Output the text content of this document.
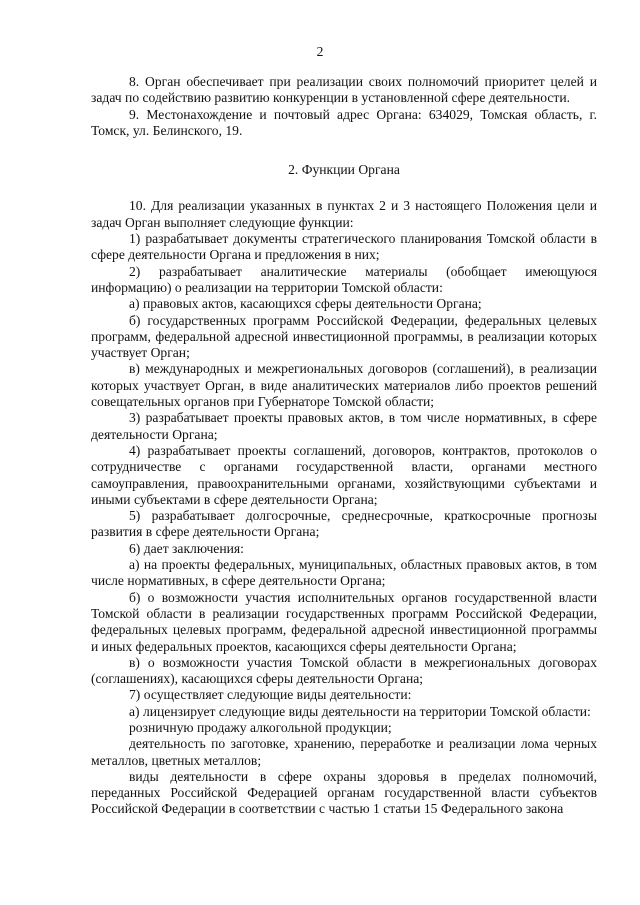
2

8. Орган обеспечивает при реализации своих полномочий приоритет целей и задач по содействию развитию конкуренции в установленной сфере деятельности.

9. Местонахождение и почтовый адрес Органа: 634029, Томская область, г. Томск, ул. Белинского, 19.

2. Функции Органа

10. Для реализации указанных в пунктах 2 и 3 настоящего Положения цели и задач Орган выполняет следующие функции:

1) разрабатывает документы стратегического планирования Томской области в сфере деятельности Органа и предложения в них;

2) разрабатывает аналитические материалы (обобщает имеющуюся информацию) о реализации на территории Томской области:

а) правовых актов, касающихся сферы деятельности Органа;

б) государственных программ Российской Федерации, федеральных целевых программ, федеральной адресной инвестиционной программы, в реализации которых участвует Орган;

в) международных и межрегиональных договоров (соглашений), в реализации которых участвует Орган, в виде аналитических материалов либо проектов решений совещательных органов при Губернаторе Томской области;

3) разрабатывает проекты правовых актов, в том числе нормативных, в сфере деятельности Органа;

4) разрабатывает проекты соглашений, договоров, контрактов, протоколов о сотрудничестве с органами государственной власти, органами местного самоуправления, правоохранительными органами, хозяйствующими субъектами и иными субъектами в сфере деятельности Органа;

5) разрабатывает долгосрочные, среднесрочные, краткосрочные прогнозы развития в сфере деятельности Органа;

6) дает заключения:

а) на проекты федеральных, муниципальных, областных правовых актов, в том числе нормативных, в сфере деятельности Органа;

б) о возможности участия исполнительных органов государственной власти Томской области в реализации государственных программ Российской Федерации, федеральных целевых программ, федеральной адресной инвестиционной программы и иных федеральных проектов, касающихся сферы деятельности Органа;

в) о возможности участия Томской области в межрегиональных договорах (соглашениях), касающихся сферы деятельности Органа;

7) осуществляет следующие виды деятельности:

а) лицензирует следующие виды деятельности на территории Томской области:

розничную продажу алкогольной продукции;

деятельность по заготовке, хранению, переработке и реализации лома черных металлов, цветных металлов;

виды деятельности в сфере охраны здоровья в пределах полномочий, переданных Российской Федерацией органам государственной власти субъектов Российской Федерации в соответствии с частью 1 статьи 15 Федерального закона
